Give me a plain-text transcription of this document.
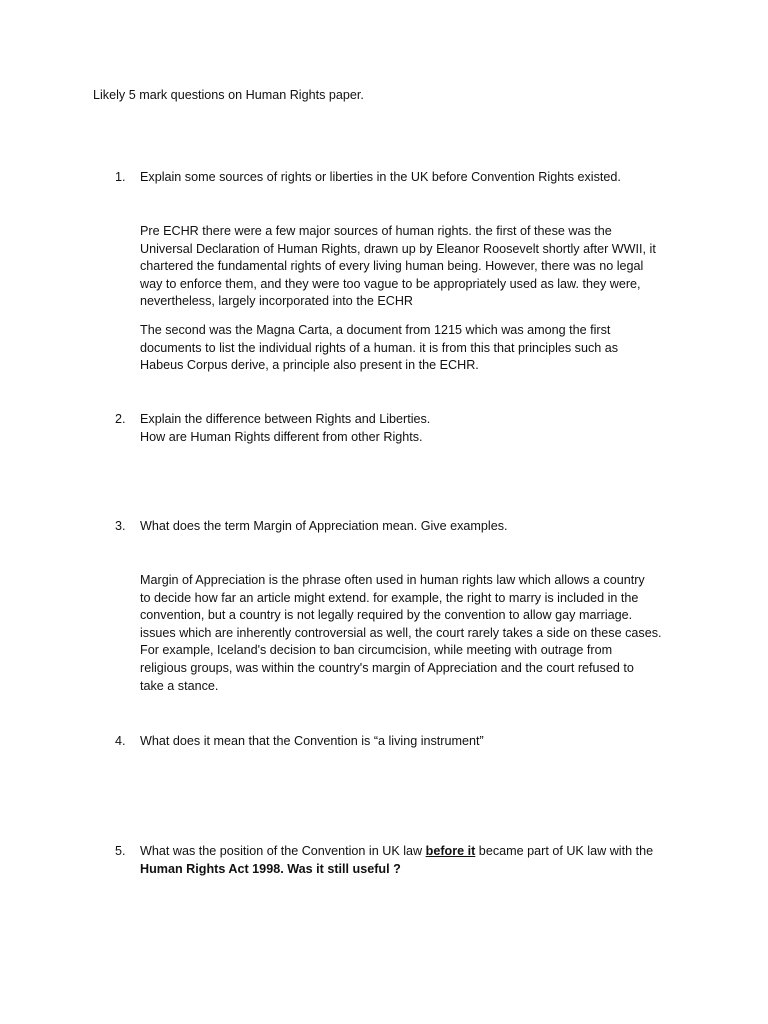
Likely 5 mark questions on Human Rights paper.
1. Explain some sources of rights or liberties in the UK before Convention Rights existed.
Pre ECHR there were a few major sources of human rights. the first of these was the
Universal Declaration of Human Rights, drawn up by Eleanor Roosevelt shortly after WWII, it
chartered the fundamental rights of every living human being. However, there was no legal
way to enforce them, and they were too vague to be appropriately used as law. they were,
nevertheless, largely incorporated into the ECHR
The second was the Magna Carta, a document from 1215 which was among the first
documents to list the individual rights of a human. it is from this that principles such as
Habeus Corpus derive, a principle also present in the ECHR.
2. Explain the difference between Rights and Liberties.
How are Human Rights different from other Rights.
3. What does the term Margin of Appreciation mean. Give examples.
Margin of Appreciation is the phrase often used in human rights law which allows a country
to decide how far an article might extend. for example, the right to marry is included in the
convention, but a country is not legally required by the convention to allow gay marriage.
issues which are inherently controversial as well, the court rarely takes a side on these cases.
For example, Iceland's decision to ban circumcision, while meeting with outrage from
religious groups, was within the country's margin of Appreciation and the court refused to
take a stance.
4. What does it mean that the Convention is “a living instrument”
5. What was the position of the Convention in UK law before it became part of UK law with the
Human Rights Act 1998. Was it still useful ?
